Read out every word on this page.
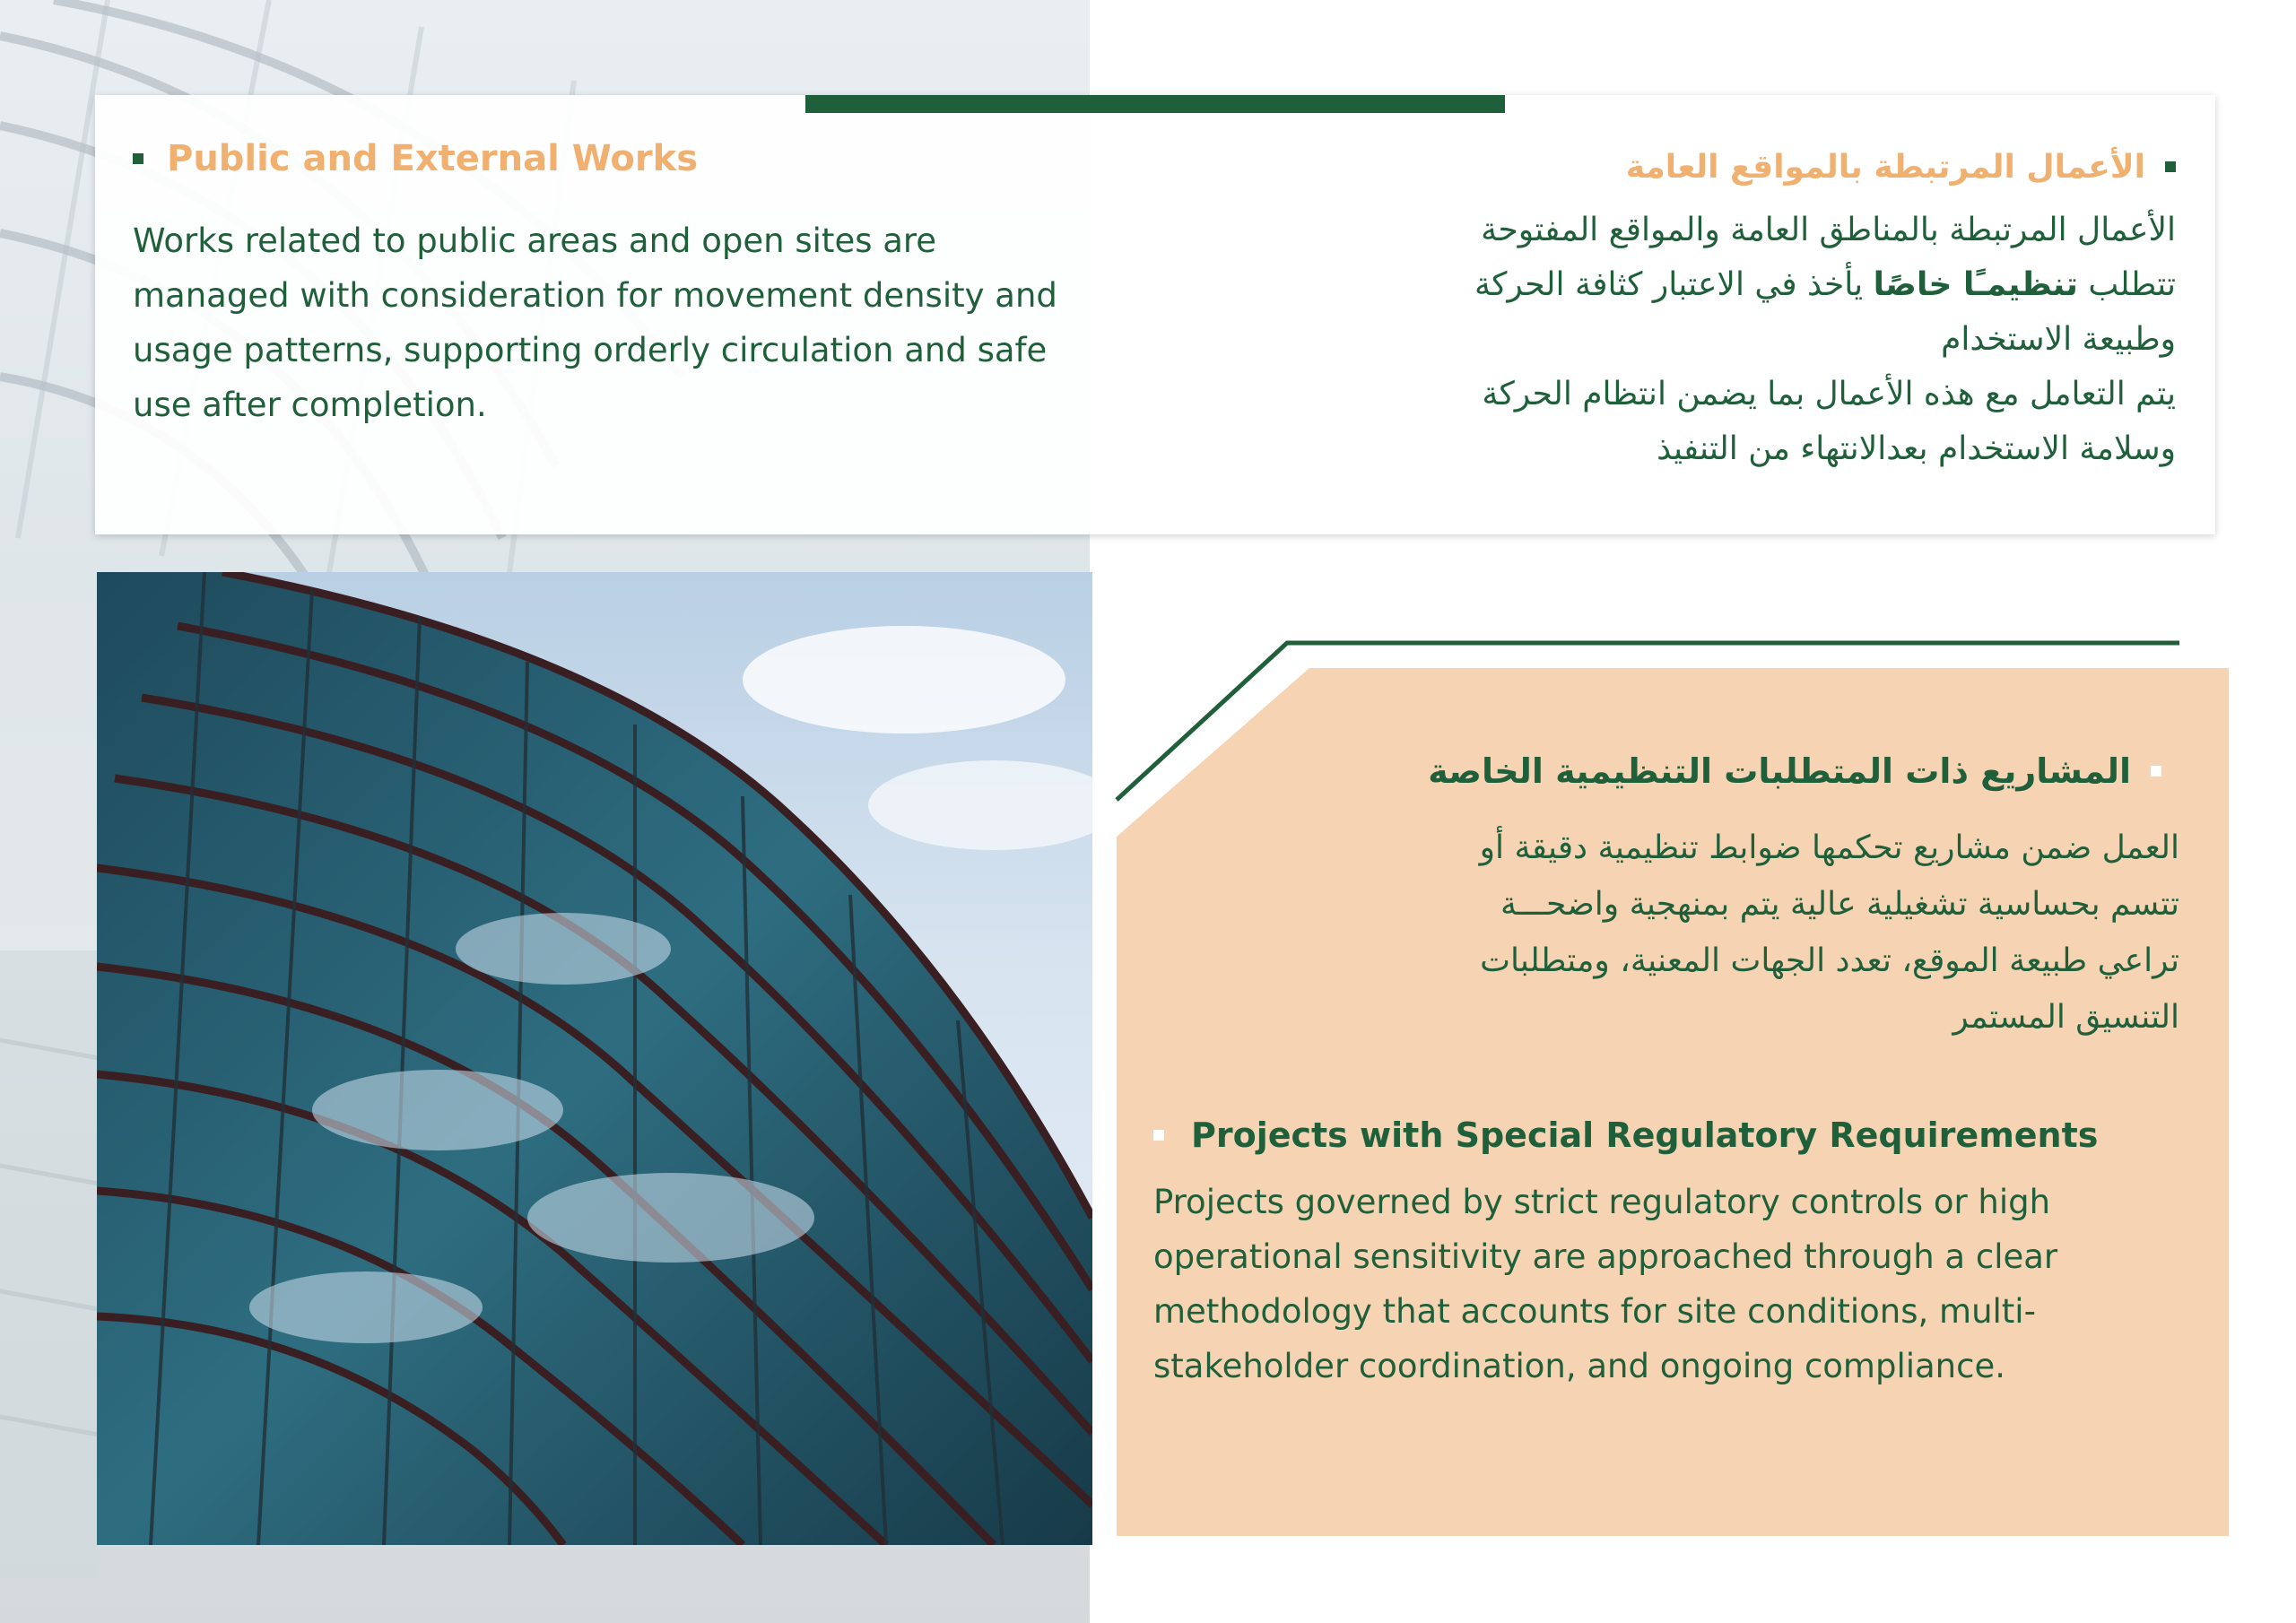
Public and External Works

Works related to public areas and open sites are managed with consideration for movement density and usage patterns, supporting orderly circulation and safe use after completion.

الأعمال المرتبطة بالمواقع العامة
الأعمال المرتبطة بالمناطق العامة والمواقع المفتوحة
تتطلب تنظيمـًا خاصًا يأخذ في الاعتبار كثافة الحركة
وطبيعة الاستخدام
يتم التعامل مع هذه الأعمال بما يضمن انتظام الحركة
وسلامة الاستخدام بعدالانتهاء من التنفيذ
المشاريع ذات المتطلبات التنظيمية الخاصة
العمل ضمن مشاريع تحكمها ضوابط تنظيمية دقيقة أو
تتسم بحساسية تشغيلية عالية يتم بمنهجية واضحـــة
تراعي طبيعة الموقع، تعدد الجهات المعنية، ومتطلبات
التنسيق المستمر
Projects with Special Regulatory Requirements

Projects governed by strict regulatory controls or high operational sensitivity are approached through a clear methodology that accounts for site conditions, multi-stakeholder coordination, and ongoing compliance.
